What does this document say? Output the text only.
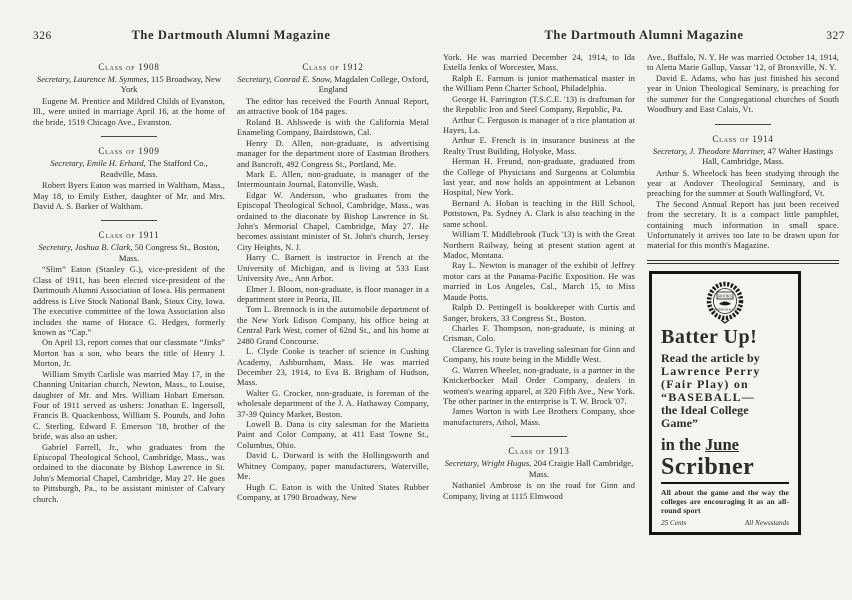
326	The Dartmouth Alumni Magazine
Class of 1908

Secretary, Laurence M. Symmes, 115 Broadway, New York

Eugene M. Prentice and Mildred Childs of Evanston, Ill., were united in marriage April 16, at the home of the bride, 1519 Chicago Ave., Evanston.

Class of 1909

Secretary, Emile H. Erhard, The Stafford Co., Readville, Mass.

Robert Byers Eaton was married in Waltham, Mass., May 18, to Emily Esther, daughter of Mr. and Mrs. David A. S. Barker of Waltham.

Class of 1911

Secretary, Joshua B. Clark, 50 Congress St., Boston, Mass.

“Slim” Eaton (Stanley G.), vice-president of the Class of 1911, has been elected vice-president of the Dartmouth Alumni Association of Iowa. His permanent address is Live Stock National Bank, Sioux City, Iowa. The executive committee of the Iowa Association also includes the name of Horace G. Hedges, formerly known as “Cap.”

On April 13, report comes that our classmate “Jinks” Morton has a son, who bears the title of Henry J. Morton, Jr.

William Smyth Carlisle was married May 17, in the Channing Unitarian church, Newton, Mass., to Louise, daughter of Mr. and Mrs. William Hobart Emerson. Four of 1911 served as ushers: Jonathan E. Ingersoll, Francis B. Quackenboss, William S. Pounds, and John C. Sterling. Edward F. Emerson '18, brother of the bride, was also an usher.

Gabriel Farrell, Jr., who graduates from the Episcopal Theological School, Cambridge, Mass., was ordained to the diaconate by Bishop Lawrence in St. John's Memorial Chapel, Cambridge, May 27. He goes to Pittsburgh, Pa., to be assistant minister of Calvary church.

Class of 1912

Secretary, Conrad E. Snow, Magdalen College, Oxford, England

The editor has received the Fourth Annual Report, an attractive book of 184 pages.

Roland B. Ahlswede is with the California Metal Enameling Company, Bairdstown, Cal.

Henry D. Allen, non-graduate, is advertising manager for the department store of Eastman Brothers and Bancroft, 492 Congress St., Portland, Me.

Mark E. Allen, non-graduate, is manager of the Intermountain Journal, Eatonville, Wash.

Edgar W. Anderson, who graduates from the Episcopal Theological School, Cambridge, Mass., was ordained to the diaconate by Bishop Lawrence in St. John's Memorial Chapel, Cambridge, May 27. He becomes assistant minister of St. John's church, Jersey City Heights, N. J.

Harry C. Barnett is instructor in French at the University of Michigan, and is living at 533 East University Ave., Ann Arbor.

Elmer J. Bloom, non-graduate, is floor manager in a department store in Peoria, Ill.

Tom L. Brennock is in the automobile department of the New York Edison Company, his office being at Central Park West, corner of 62nd St., and his home at 2480 Grand Concourse.

L. Clyde Cooke is teacher of science in Cushing Academy, Ashburnham, Mass. He was married December 23, 1914, to Eva B. Brigham of Hudson, Mass.

Walter G. Crocker, non-graduate, is foreman of the wholesale department of the J. A. Hathaway Company, 37-39 Quincy Market, Boston.

Lowell B. Dana is city salesman for the Marietta Paint and Color Company, at 411 East Towne St., Columbus, Ohio.

David L. Dorward is with the Hollingsworth and Whitney Company, paper manufacturers, Waterville, Me.

Hugh C. Eaton is with the United States Rubber Company, at 1790 Broadway, New

The Dartmouth Alumni Magazine	327

York. He was married December 24, 1914, to Ida Estella Jenks of Worcester, Mass.

Ralph E. Farnum is junior mathematical master in the William Penn Charter School, Philadelphia.

George H. Farrington (T.S.C.E. '13) is draftsman for the Republic Iron and Steel Company, Republic, Pa.

Arthur C. Ferguson is manager of a rice plantation at Hayes, La.

Arthur E. French is in insurance business at the Realty Trust Building, Holyoke, Mass.

Herman H. Freund, non-graduate, graduated from the College of Physicians and Surgeons at Columbia last year, and now holds an appointment at Lebanon Hospital, New York.

Bernard A. Hoban is teaching in the Hill School, Pottstown, Pa. Sydney A. Clark is also teaching in the same school.

William T. Middlebrook (Tuck '13) is with the Great Northern Railway, being at present station agent at Madoc, Montana.

Ray L. Newton is manager of the exhibit of Jeffrey motor cars at the Panama-Pacific Exposition. He was married in Los Angeles, Cal., March 15, to Miss Maude Potts.

Ralph D. Pettingell is bookkeeper with Curtis and Sanger, brokers, 33 Congress St., Boston.

Charles F. Thompson, non-graduate, is mining at Crisman, Colo.

Clarence G. Tyler is traveling salesman for Ginn and Company, his route being in the Middle West.

G. Warren Wheeler, non-graduate, is a partner in the Knickerbocker Mail Order Company, dealers in women's wearing apparel, at 320 Fifth Ave., New York. The other partner in the enterprise is T. W. Brock '07.

James Worton is with Lee Brothers Company, shoe manufacturers, Athol, Mass.

Class of 1913

Secretary, Wright Hugus, 204 Craigie Hall Cambridge, Mass.

Nathaniel Ambrose is on the road for Ginn and Company, living at 1115 Elmwood

Ave., Buffalo, N. Y. He was married October 14, 1914, to Aletta Marie Gallup, Vassar '12, of Bronxville, N. Y.

David E. Adams, who has just finished his second year in Union Theological Seminary, is preaching for the summer for the Congregational churches of South Woodbury and East Calais, Vt.

Class of 1914

Secretary, J. Theodore Marriner, 47 Walter Hastings Hall, Cambridge, Mass.

Arthur S. Wheelock has been studying through the year at Andover Theological Seminary, and is preaching for the summer at South Wallingford, Vt.

The Second Annual Report has just been received from the secretary. It is a compact little pamphlet, containing much information in small space. Unfortunately it arrives too late to be drawn upon for material for this month's Magazine.

BOOKS
SCRIBNERS MAGAZINE
Batter Up!
Read the article by
Lawrence Perry
(Fair Play) on
“BASEBALL—
the Ideal College
Game”
in the June
Scribner
All about the game and the way the colleges are encouraging it as an all-round sport
25 Cents	All Newsstands
